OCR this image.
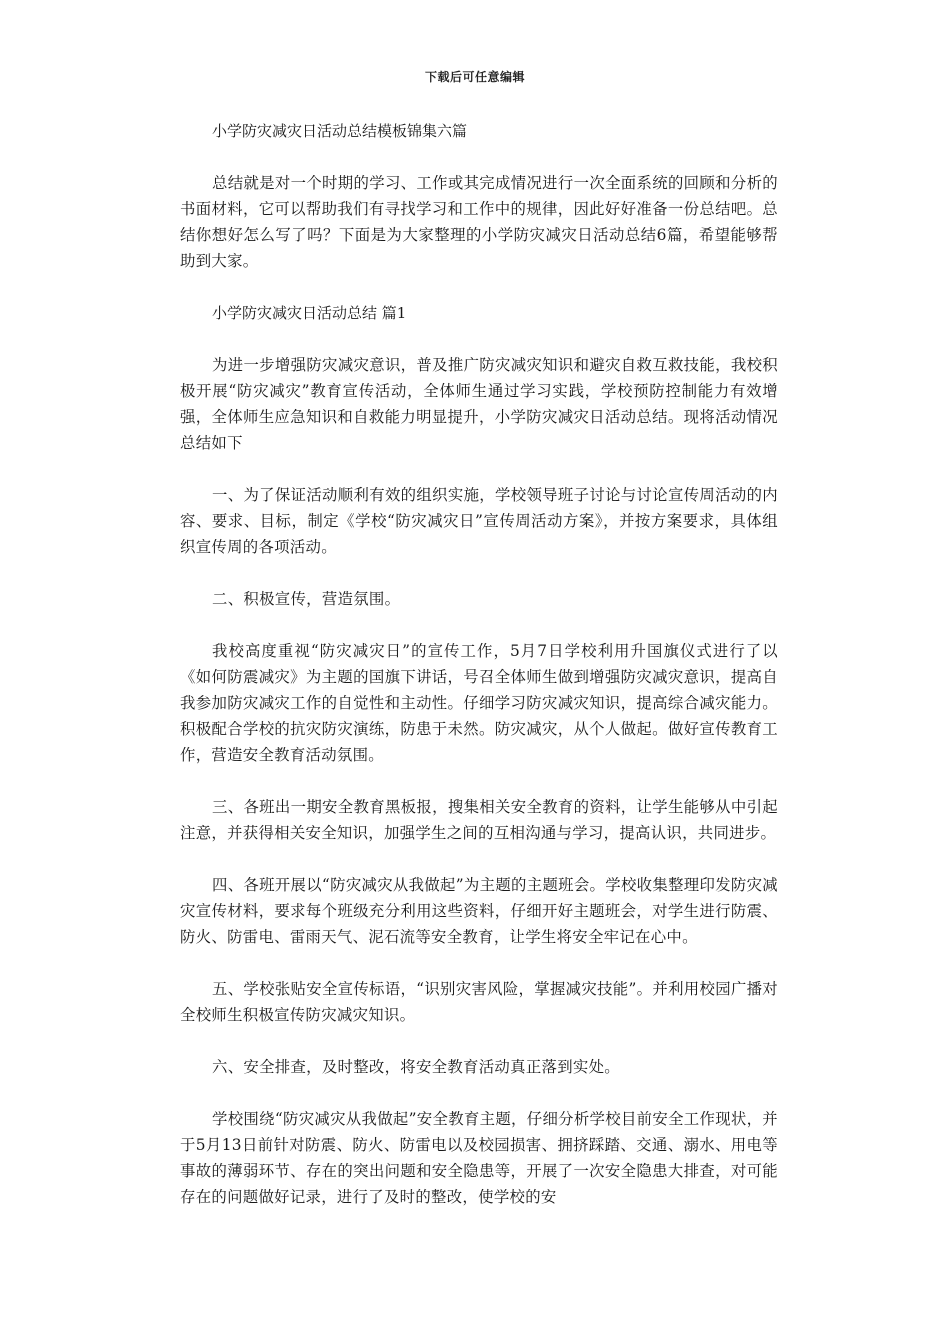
下载后可任意编辑

小学防灾减灾日活动总结模板锦集六篇

总结就是对一个时期的学习、工作或其完成情况进行一次全面系统的回顾和分析的书面材料，它可以帮助我们有寻找学习和工作中的规律，因此好好准备一份总结吧。总结你想好怎么写了吗？下面是为大家整理的小学防灾减灾日活动总结6篇，希望能够帮助到大家。

小学防灾减灾日活动总结 篇1

为进一步增强防灾减灾意识，普及推广防灾减灾知识和避灾自救互救技能，我校积极开展“防灾减灾”教育宣传活动，全体师生通过学习实践，学校预防控制能力有效增强，全体师生应急知识和自救能力明显提升，小学防灾减灾日活动总结。现将活动情况总结如下

一、为了保证活动顺利有效的组织实施，学校领导班子讨论与讨论宣传周活动的内容、要求、目标，制定《学校“防灾减灾日”宣传周活动方案》，并按方案要求，具体组织宣传周的各项活动。

二、积极宣传，营造氛围。

我校高度重视“防灾减灾日”的宣传工作，5月7日学校利用升国旗仪式进行了以《如何防震减灾》为主题的国旗下讲话，号召全体师生做到增强防灾减灾意识，提高自我参加防灾减灾工作的自觉性和主动性。仔细学习防灾减灾知识，提高综合减灾能力。积极配合学校的抗灾防灾演练，防患于未然。防灾减灾，从个人做起。做好宣传教育工作，营造安全教育活动氛围。

三、各班出一期安全教育黑板报，搜集相关安全教育的资料，让学生能够从中引起注意，并获得相关安全知识，加强学生之间的互相沟通与学习，提高认识，共同进步。

四、各班开展以“防灾减灾从我做起”为主题的主题班会。学校收集整理印发防灾减灾宣传材料，要求每个班级充分利用这些资料，仔细开好主题班会，对学生进行防震、防火、防雷电、雷雨天气、泥石流等安全教育，让学生将安全牢记在心中。

五、学校张贴安全宣传标语，“识别灾害风险，掌握减灾技能”。并利用校园广播对全校师生积极宣传防灾减灾知识。

六、安全排查，及时整改，将安全教育活动真正落到实处。

学校围绕“防灾减灾从我做起”安全教育主题，仔细分析学校目前安全工作现状，并于5月13日前针对防震、防火、防雷电以及校园损害、拥挤踩踏、交通、溺水、用电等事故的薄弱环节、存在的突出问题和安全隐患等，开展了一次安全隐患大排查，对可能存在的问题做好记录，进行了及时的整改，使学校的安
